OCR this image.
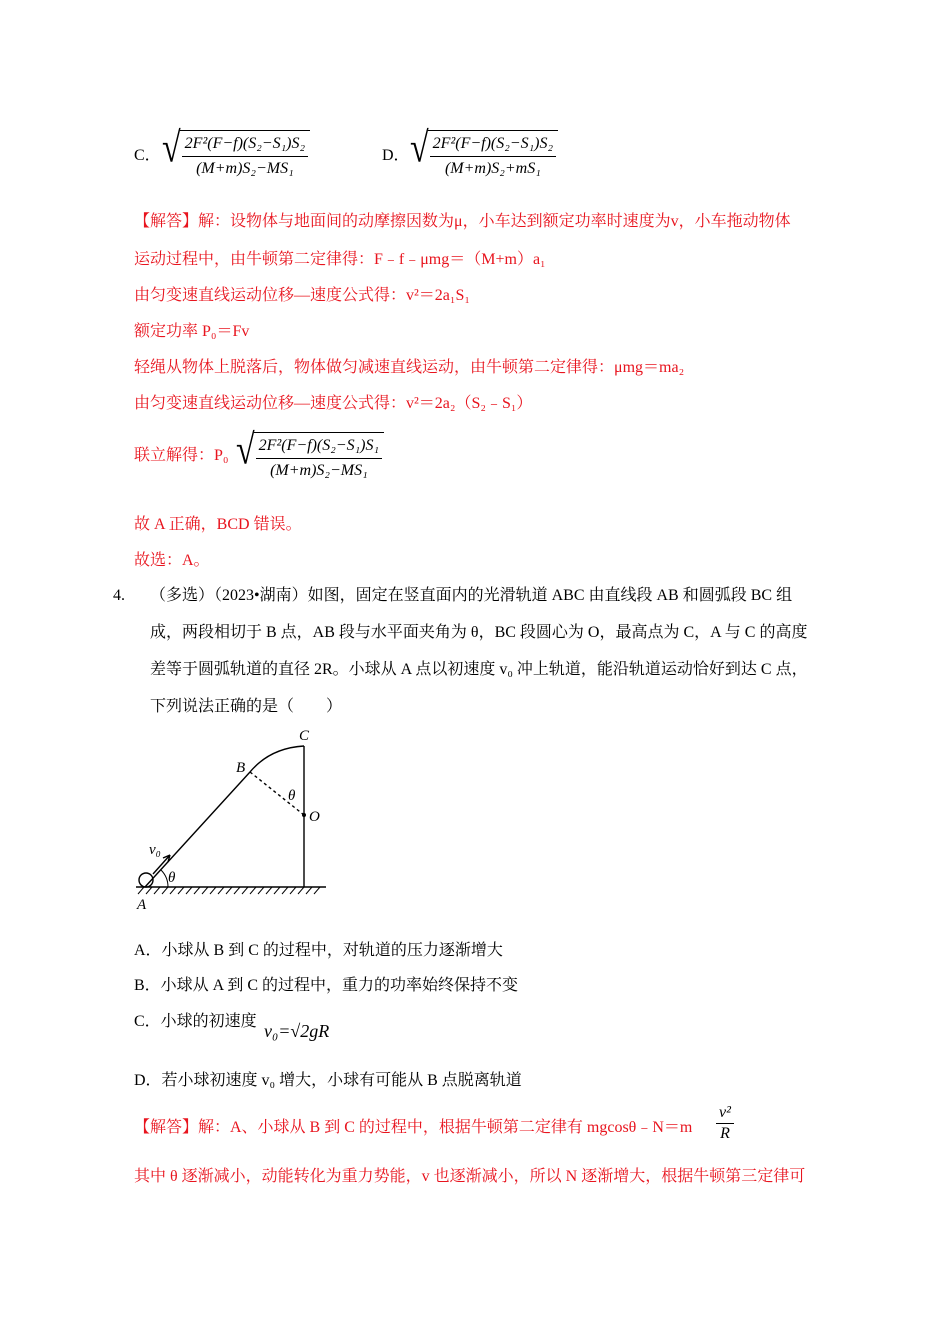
C． √ $\frac{\text{2F²(F−f)(S₂−S₁)S₂}}{\text{(M+m)S₂−MS₁}}$	D． √ $\frac{\text{2F²(F−f)(S₂−S₁)S₂}}{\text{(M+m)S₂+mS₁}}$
【解答】解：设物体与地面间的动摩擦因数为μ，小车达到额定功率时速度为v，小车拖动物体
运动过程中，由牛顿第二定律得：F﹣f﹣μmg＝（M+m）a₁
由匀变速直线运动位移—速度公式得：v²＝2a₁S₁
额定功率 P₀＝Fv
轻绳从物体上脱落后，物体做匀减速直线运动，由牛顿第二定律得：μmg＝ma₂
由匀变速直线运动位移—速度公式得：v²＝2a₂（S₂﹣S₁）
联立解得：P₀ √ $\frac{\text{2F²(F−f)(S₂−S₁)S₁}}{\text{(M+m)S₂−MS₁}}$
故 A 正确，BCD 错误。
故选：A。
4. （多选）（2023•湖南）如图，固定在竖直面内的光滑轨道 ABC 由直线段 AB 和圆弧段 BC 组
成，两段相切于 B 点，AB 段与水平面夹角为 θ，BC 段圆心为 O，最高点为 C，A 与 C 的高度
差等于圆弧轨道的直径 2R。小球从 A 点以初速度 v₀ 冲上轨道，能沿轨道运动恰好到达 C 点，
下列说法正确的是（　　）
C
B
O
θ
θ
v₀
A
A．小球从 B 到 C 的过程中，对轨道的压力逐渐增大
B．小球从 A 到 C 的过程中，重力的功率始终保持不变
C．小球的初速度 v₀=√2gR
D．若小球初速度 v₀ 增大，小球有可能从 B 点脱离轨道
【解答】解：A、小球从 B 到 C 的过程中，根据牛顿第二定律有 mgcosθ﹣N＝m $\frac{\text{v²}}{R}$
其中 θ 逐渐减小，动能转化为重力势能，v 也逐渐减小，所以 N 逐渐增大，根据牛顿第三定律可
